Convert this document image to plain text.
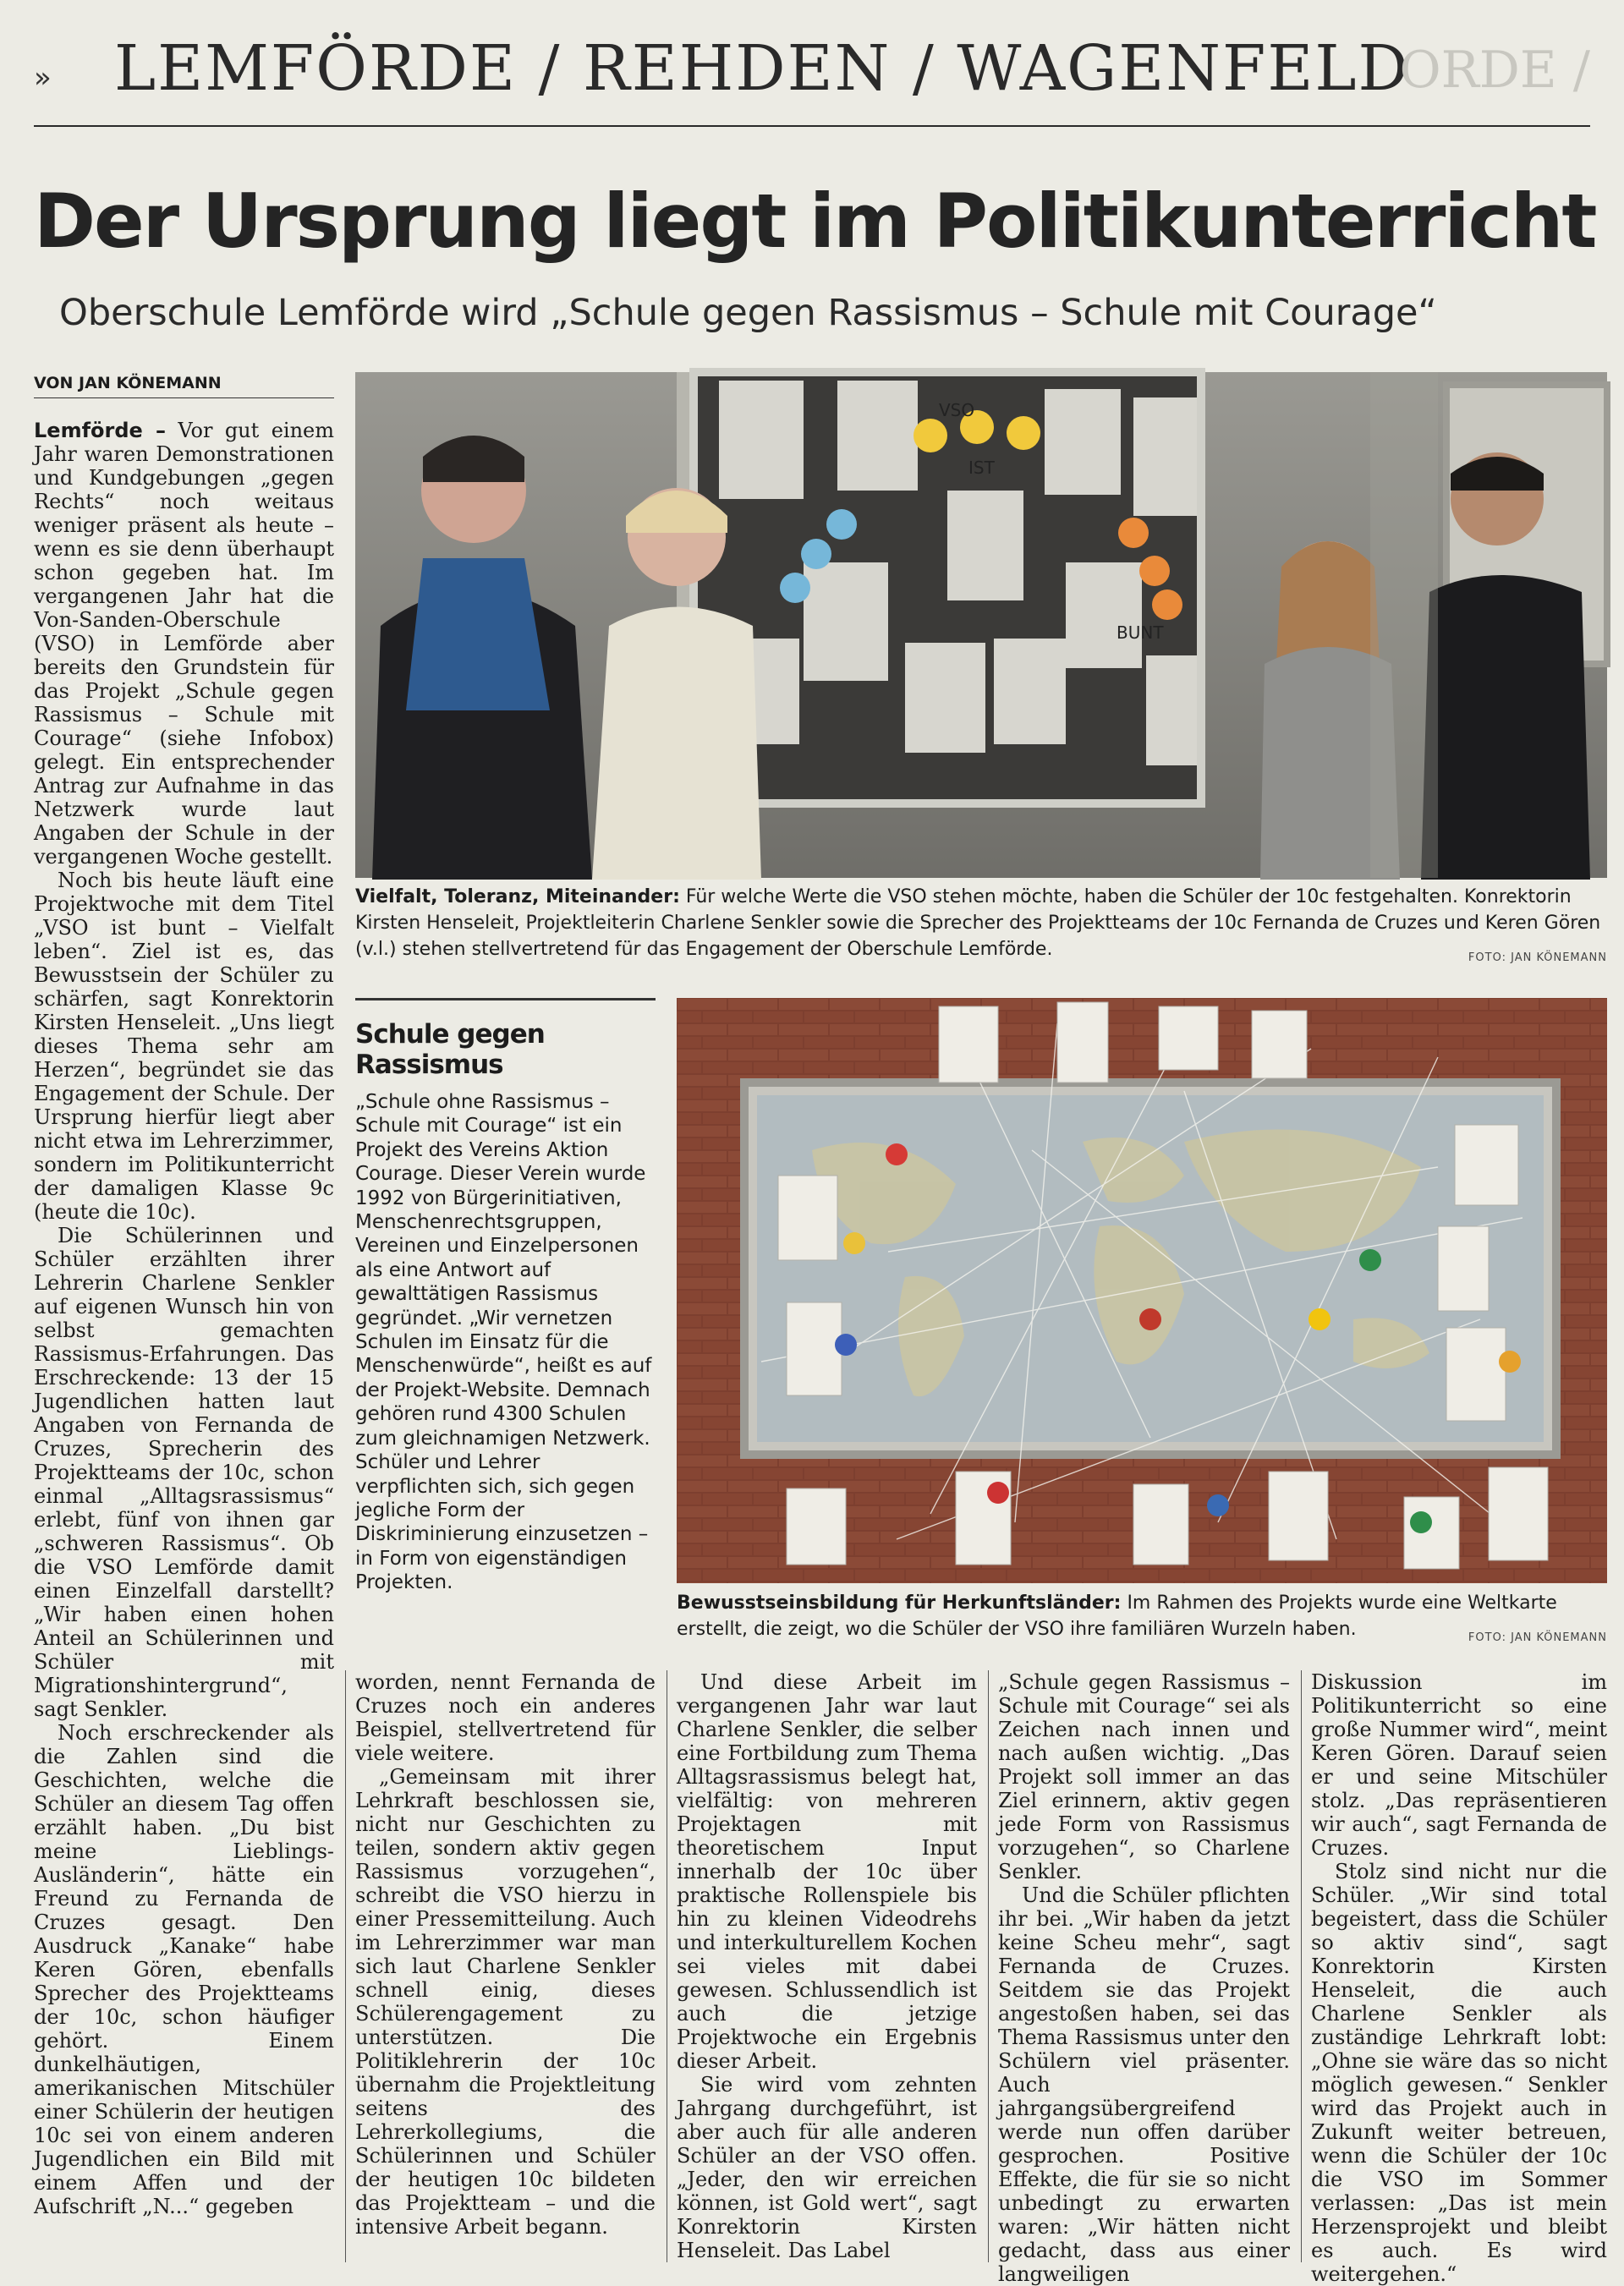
» LEMFÖRDE / REHDEN / WAGENFELD
ORDE /
Der Ursprung liegt im Politikunterricht
Oberschule Lemförde wird „Schule gegen Rassismus – Schule mit Courage“
VON JAN KÖNEMANN

Lemförde – Vor gut einem Jahr waren Demonstrationen und Kundgebungen „gegen Rechts“ noch weitaus weniger präsent als heute – wenn es sie denn überhaupt schon gegeben hat. Im vergangenen Jahr hat die Von-Sanden-Oberschule (VSO) in Lemförde aber bereits den Grundstein für das Projekt „Schule gegen Rassismus – Schule mit Courage“ (siehe Infobox) gelegt. Ein entsprechender Antrag zur Aufnahme in das Netzwerk wurde laut Angaben der Schule in der vergangenen Woche gestellt.

Noch bis heute läuft eine Projektwoche mit dem Titel „VSO ist bunt – Vielfalt leben“. Ziel ist es, das Bewusstsein der Schüler zu schärfen, sagt Konrektorin Kirsten Henseleit. „Uns liegt dieses Thema sehr am Herzen“, begründet sie das Engagement der Schule. Der Ursprung hierfür liegt aber nicht etwa im Lehrerzimmer, sondern im Politikunterricht der damaligen Klasse 9c (heute die 10c).

Die Schülerinnen und Schüler erzählten ihrer Lehrerin Charlene Senkler auf eigenen Wunsch hin von selbst gemachten Rassismus-Erfahrungen. Das Erschreckende: 13 der 15 Jugendlichen hatten laut Angaben von Fernanda de Cruzes, Sprecherin des Projektteams der 10c, schon einmal „Alltagsrassismus“ erlebt, fünf von ihnen gar „schweren Rassismus“. Ob die VSO Lemförde damit einen Einzelfall darstellt? „Wir haben einen hohen Anteil an Schülerinnen und Schüler mit Migrationshintergrund“, sagt Senkler.

Noch erschreckender als die Zahlen sind die Geschichten, welche die Schüler an diesem Tag offen erzählt haben. „Du bist meine Lieblings-Ausländerin“, hätte ein Freund zu Fernanda de Cruzes gesagt. Den Ausdruck „Kanake“ habe Keren Gören, ebenfalls Sprecher des Projektteams der 10c, schon häufiger gehört. Einem dunkelhäutigen, amerikanischen Mitschüler einer Schülerin der heutigen 10c sei von einem anderen Jugendlichen ein Bild mit einem Affen und der Aufschrift „N...“ gegeben

VSO
IST
BUNT
Vielfalt, Toleranz, Miteinander: Für welche Werte die VSO stehen möchte, haben die Schüler der 10c festgehalten. Konrektorin Kirsten Henseleit, Projektleiterin Charlene Senkler sowie die Sprecher des Projektteams der 10c Fernanda de Cruzes und Keren Gören (v.l.) stehen stellvertretend für das Engagement der Oberschule Lemförde.	FOTO: JAN KÖNEMANN
Schule gegen Rassismus
„Schule ohne Rassismus – Schule mit Courage“ ist ein Projekt des Vereins Aktion Courage. Dieser Verein wurde 1992 von Bürgerinitiativen, Menschenrechtsgruppen, Vereinen und Einzelpersonen als eine Antwort auf gewalttätigen Rassismus gegründet. „Wir vernetzen Schulen im Einsatz für die Menschenwürde“, heißt es auf der Projekt-Website. Demnach gehören rund 4300 Schulen zum gleichnamigen Netzwerk. Schüler und Lehrer verpflichten sich, sich gegen jegliche Form der Diskriminierung einzusetzen – in Form von eigenständigen Projekten.
Bewusstseinsbildung für Herkunftsländer: Im Rahmen des Projekts wurde eine Weltkarte erstellt, die zeigt, wo die Schüler der VSO ihre familiären Wurzeln haben.	FOTO: JAN KÖNEMANN

worden, nennt Fernanda de Cruzes noch ein anderes Beispiel, stellvertretend für viele weitere.

„Gemeinsam mit ihrer Lehrkraft beschlossen sie, nicht nur Geschichten zu teilen, sondern aktiv gegen Rassismus vorzugehen“, schreibt die VSO hierzu in einer Pressemitteilung. Auch im Lehrerzimmer war man sich laut Charlene Senkler schnell einig, dieses Schülerengagement zu unterstützen. Die Politiklehrerin der 10c übernahm die Projektleitung seitens des Lehrerkollegiums, die Schülerinnen und Schüler der heutigen 10c bildeten das Projektteam – und die intensive Arbeit begann.

Und diese Arbeit im vergangenen Jahr war laut Charlene Senkler, die selber eine Fortbildung zum Thema Alltagsrassismus belegt hat, vielfältig: von mehreren Projektagen mit theoretischem Input innerhalb der 10c über praktische Rollenspiele bis hin zu kleinen Videodrehs und interkulturellem Kochen sei vieles mit dabei gewesen. Schlussendlich ist auch die jetzige Projektwoche ein Ergebnis dieser Arbeit.

Sie wird vom zehnten Jahrgang durchgeführt, ist aber auch für alle anderen Schüler an der VSO offen. „Jeder, den wir erreichen können, ist Gold wert“, sagt Konrektorin Kirsten Henseleit. Das Label

„Schule gegen Rassismus – Schule mit Courage“ sei als Zeichen nach innen und nach außen wichtig. „Das Projekt soll immer an das Ziel erinnern, aktiv gegen jede Form von Rassismus vorzugehen“, so Charlene Senkler.

Und die Schüler pflichten ihr bei. „Wir haben da jetzt keine Scheu mehr“, sagt Fernanda de Cruzes. Seitdem sie das Projekt angestoßen haben, sei das Thema Rassismus unter den Schülern viel präsenter. Auch jahrgangsübergreifend werde nun offen darüber gesprochen. Positive Effekte, die für sie so nicht unbedingt zu erwarten waren: „Wir hätten nicht gedacht, dass aus einer langweiligen

Diskussion im Politikunterricht so eine große Nummer wird“, meint Keren Gören. Darauf seien er und seine Mitschüler stolz. „Das repräsentieren wir auch“, sagt Fernanda de Cruzes.

Stolz sind nicht nur die Schüler. „Wir sind total begeistert, dass die Schüler so aktiv sind“, sagt Konrektorin Kirsten Henseleit, die auch Charlene Senkler als zuständige Lehrkraft lobt: „Ohne sie wäre das so nicht möglich gewesen.“ Senkler wird das Projekt auch in Zukunft weiter betreuen, wenn die Schüler der 10c die VSO im Sommer verlassen: „Das ist mein Herzensprojekt und bleibt es auch. Es wird weitergehen.“
